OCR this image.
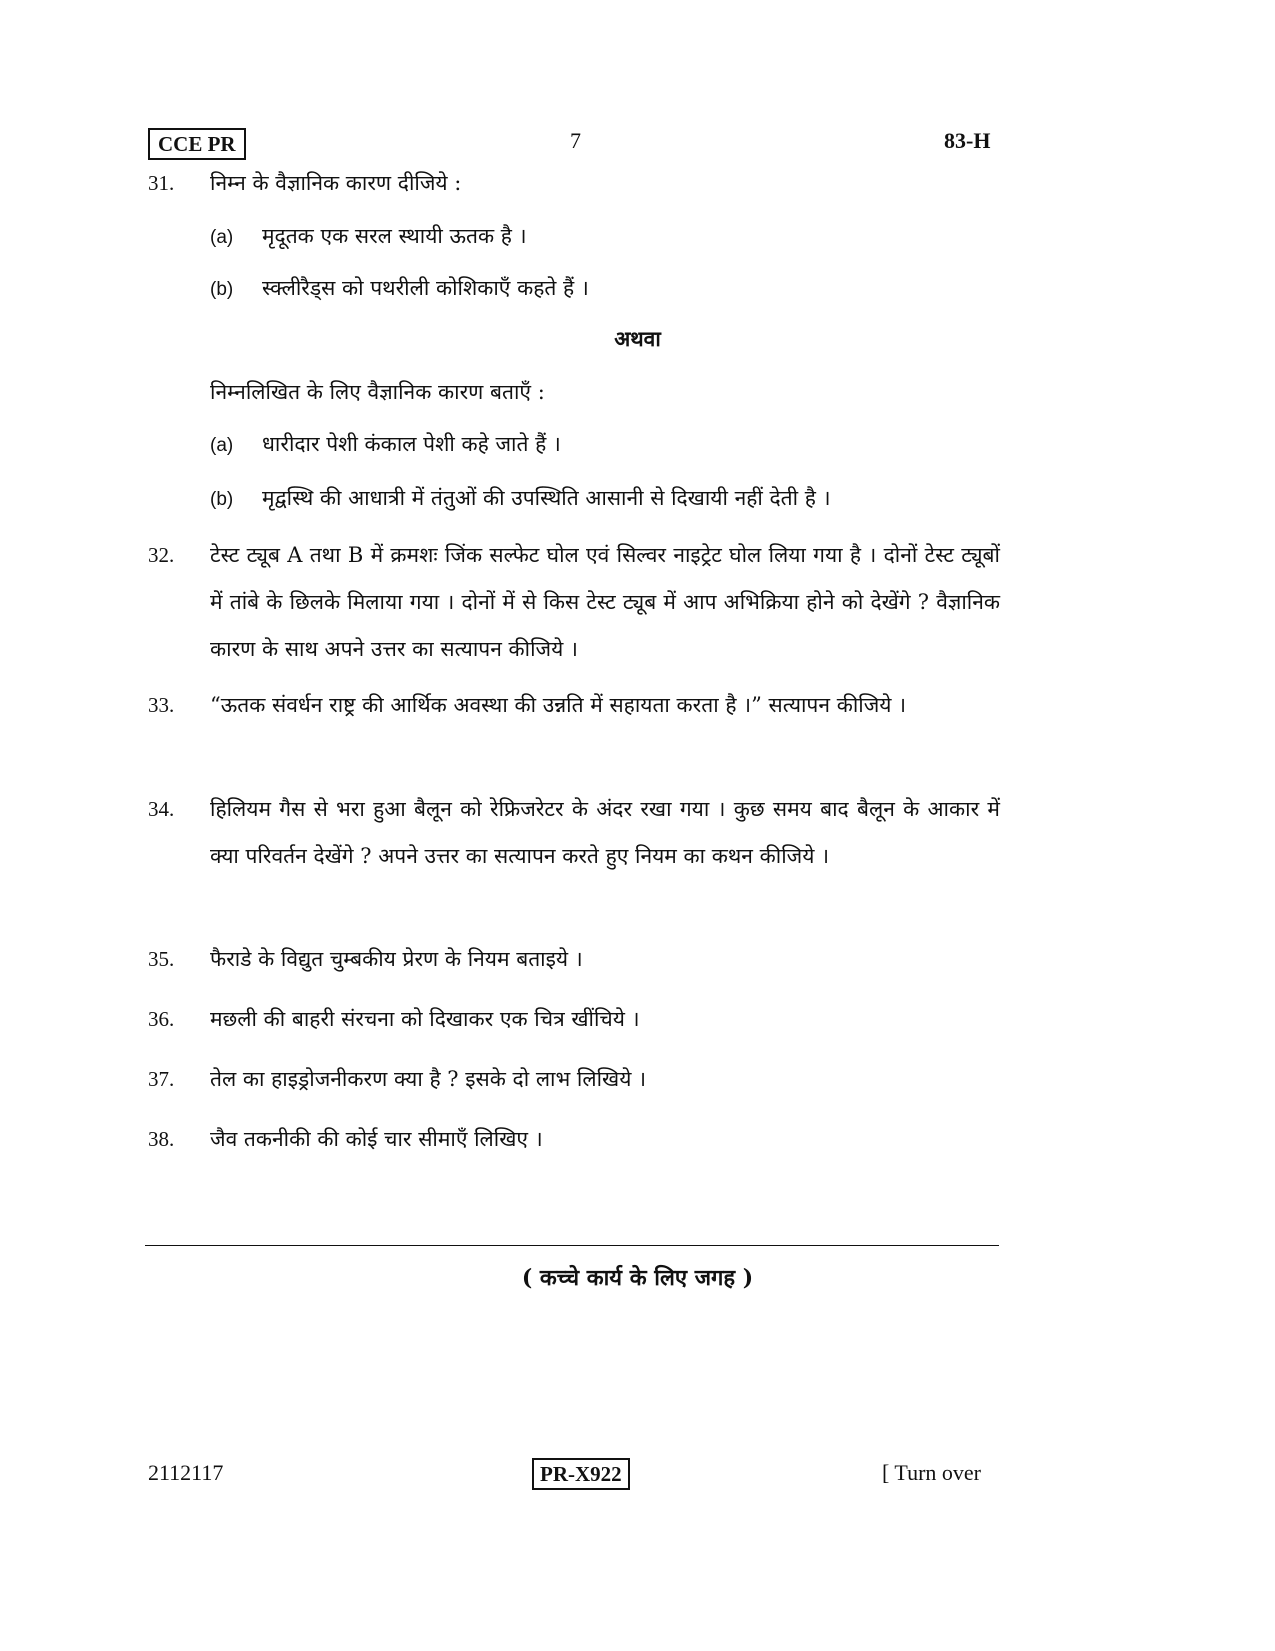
CCE PR	7	83-H
31. निम्न के वैज्ञानिक कारण दीजिये :
(a) मृदूतक एक सरल स्थायी ऊतक है ।
(b) स्क्लीरैड्स को पथरीली कोशिकाएँ कहते हैं ।
अथवा
निम्नलिखित के लिए वैज्ञानिक कारण बताएँ :
(a) धारीदार पेशी कंकाल पेशी कहे जाते हैं ।
(b) मृद्वस्थि की आधात्री में तंतुओं की उपस्थिति आसानी से दिखायी नहीं देती है ।
32. टेस्ट ट्यूब A तथा B में क्रमशः जिंक सल्फेट घोल एवं सिल्वर नाइट्रेट घोल लिया गया है । दोनों टेस्ट ट्यूबों में तांबे के छिलके मिलाया गया । दोनों में से किस टेस्ट ट्यूब में आप अभिक्रिया होने को देखेंगे ? वैज्ञानिक कारण के साथ अपने उत्तर का सत्यापन कीजिये ।
33. “ऊतक संवर्धन राष्ट्र की आर्थिक अवस्था की उन्नति में सहायता करता है ।” सत्यापन कीजिये ।
34. हिलियम गैस से भरा हुआ बैलून को रेफ्रिजरेटर के अंदर रखा गया । कुछ समय बाद बैलून के आकार में क्या परिवर्तन देखेंगे ? अपने उत्तर का सत्यापन करते हुए नियम का कथन कीजिये ।
35. फैराडे के विद्युत चुम्बकीय प्रेरण के नियम बताइये ।
36. मछली की बाहरी संरचना को दिखाकर एक चित्र खींचिये ।
37. तेल का हाइड्रोजनीकरण क्या है ? इसके दो लाभ लिखिये ।
38. जैव तकनीकी की कोई चार सीमाएँ लिखिए ।
( कच्चे कार्य के लिए जगह )
2112117	PR-X922	[ Turn over
